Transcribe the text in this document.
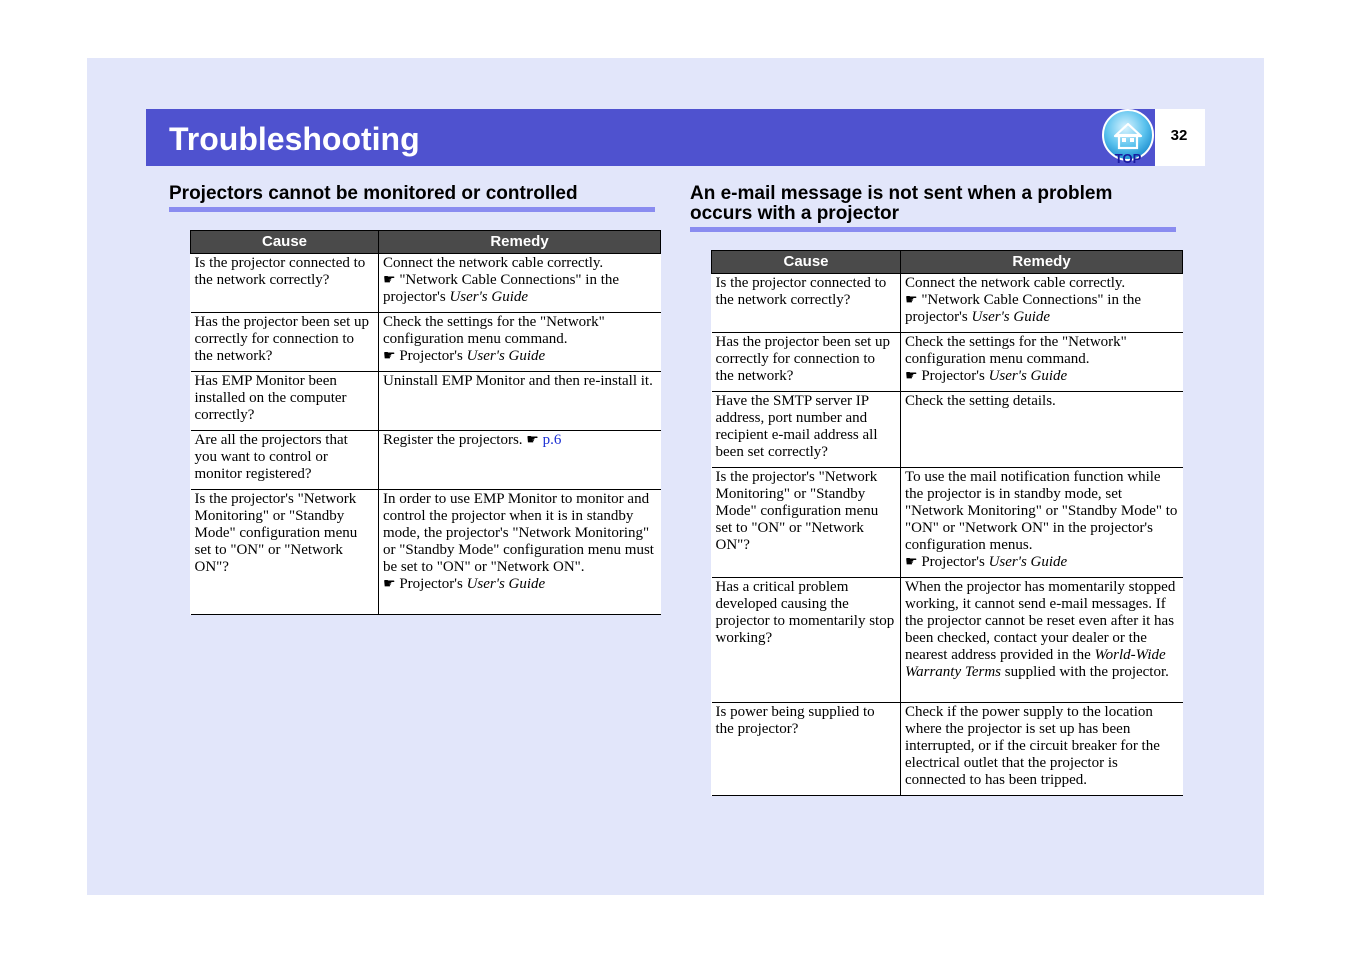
Troubleshooting
TOP
32
Projectors cannot be monitored or controlled
Cause	Remedy
Is the projector connected to the network correctly?	Connect the network cable correctly.
☛ "Network Cable Connections" in the projector's User's Guide
Has the projector been set up correctly for connection to the network?	Check the settings for the "Network" configuration menu command.
☛ Projector's User's Guide
Has EMP Monitor been installed on the computer correctly?	Uninstall EMP Monitor and then re-install it.
Are all the projectors that you want to control or monitor registered?	Register the projectors. ☛ p.6
Is the projector's "Network Monitoring" or "Standby Mode" configuration menu set to "ON" or "Network ON"?	In order to use EMP Monitor to monitor and control the projector when it is in standby mode, the projector's "Network Monitoring" or "Standby Mode" configuration menu must be set to "ON" or "Network ON".
☛ Projector's User's Guide
An e-mail message is not sent when a problem
occurs with a projector
Cause	Remedy
Is the projector connected to the network correctly?	Connect the network cable correctly.
☛ "Network Cable Connections" in the projector's User's Guide
Has the projector been set up correctly for connection to the network?	Check the settings for the "Network" configuration menu command.
☛ Projector's User's Guide
Have the SMTP server IP address, port number and recipient e-mail address all been set correctly?	Check the setting details.
Is the projector's "Network Monitoring" or "Standby Mode" configuration menu set to "ON" or "Network ON"?	To use the mail notification function while the projector is in standby mode, set "Network Monitoring" or "Standby Mode" to "ON" or "Network ON" in the projector's configuration menus.
☛ Projector's User's Guide
Has a critical problem developed causing the projector to momentarily stop working?	When the projector has momentarily stopped working, it cannot send e-mail messages. If the projector cannot be reset even after it has been checked, contact your dealer or the nearest address provided in the World-Wide Warranty Terms supplied with the projector.
Is power being supplied to the projector?	Check if the power supply to the location where the projector is set up has been interrupted, or if the circuit breaker for the electrical outlet that the projector is connected to has been tripped.
